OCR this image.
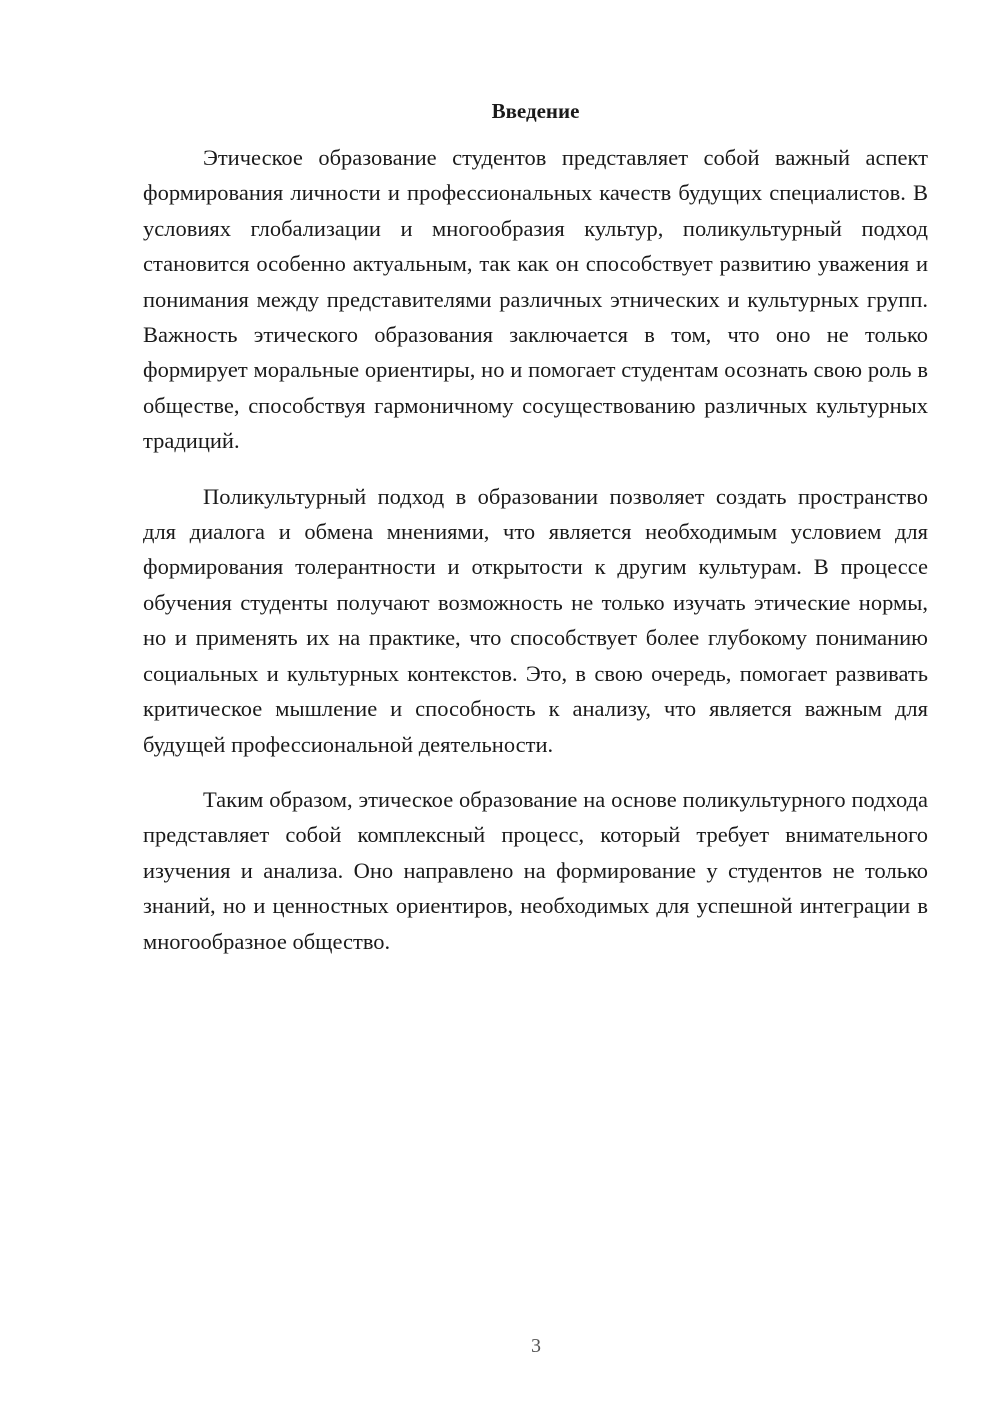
Введение

Этическое образование студентов представляет собой важный аспект формирования личности и профессиональных качеств будущих специалистов. В условиях глобализации и многообразия культур, поликультурный подход становится особенно актуальным, так как он способствует развитию уважения и понимания между представителями различных этнических и культурных групп. Важность этического образования заключается в том, что оно не только формирует моральные ориентиры, но и помогает студентам осознать свою роль в обществе, способствуя гармоничному сосуществованию различных культурных традиций.

Поликультурный подход в образовании позволяет создать пространство для диалога и обмена мнениями, что является необходимым условием для формирования толерантности и открытости к другим культурам. В процессе обучения студенты получают возможность не только изучать этические нормы, но и применять их на практике, что способствует более глубокому пониманию социальных и культурных контекстов. Это, в свою очередь, помогает развивать критическое мышление и способность к анализу, что является важным для будущей профессиональной деятельности.

Таким образом, этическое образование на основе поликультурного подхода представляет собой комплексный процесс, который требует внимательного изучения и анализа. Оно направлено на формирование у студентов не только знаний, но и ценностных ориентиров, необходимых для успешной интеграции в многообразное общество.

3
